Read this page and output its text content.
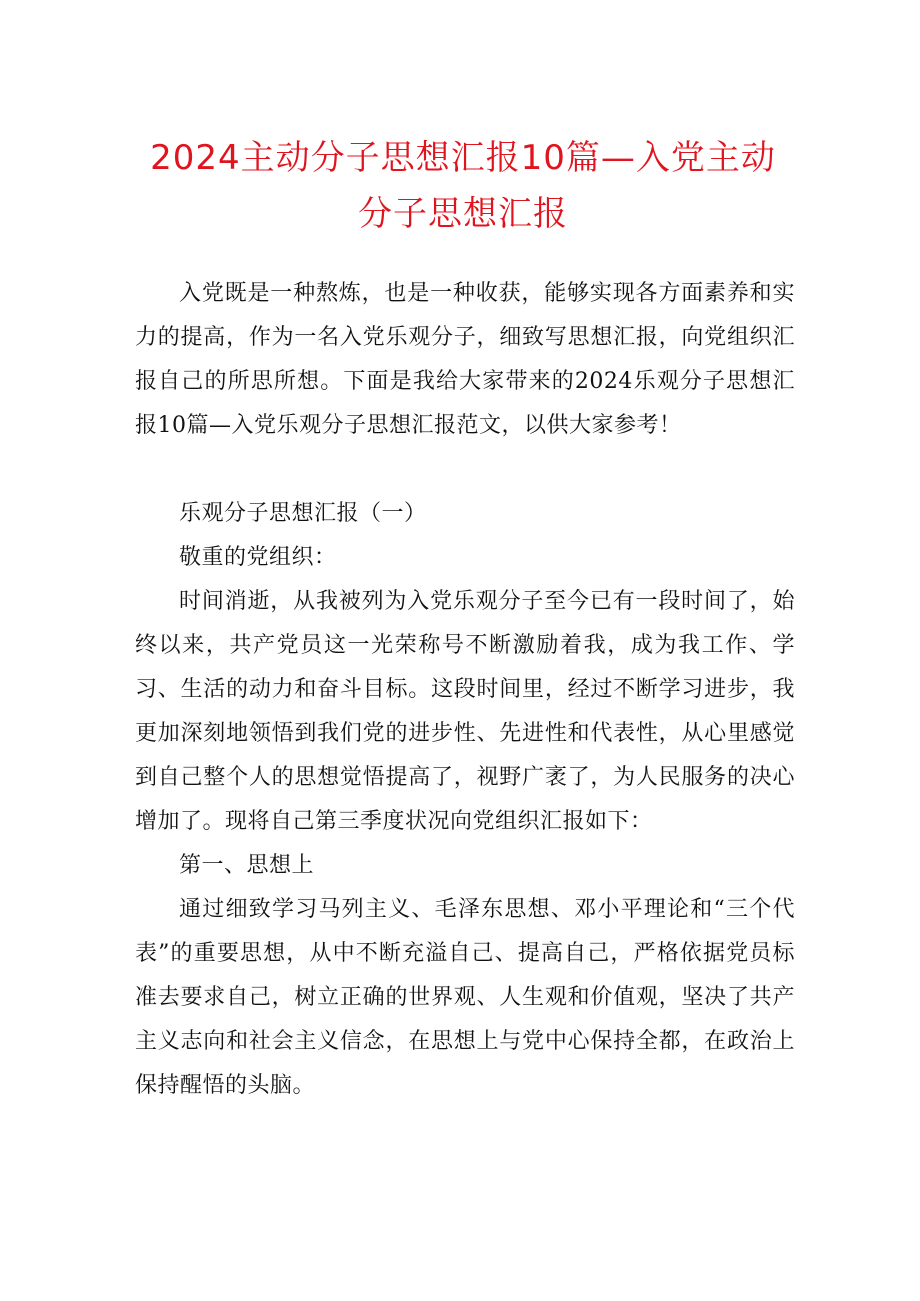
2024主动分子思想汇报10篇—入党主动
分子思想汇报

入党既是一种熬炼，也是一种收获，能够实现各方面素养和实力的提高，作为一名入党乐观分子，细致写思想汇报，向党组织汇报自己的所思所想。下面是我给大家带来的2024乐观分子思想汇报10篇—入党乐观分子思想汇报范文，以供大家参考！

乐观分子思想汇报（一）

敬重的党组织：

时间消逝，从我被列为入党乐观分子至今已有一段时间了，始终以来，共产党员这一光荣称号不断激励着我，成为我工作、学习、生活的动力和奋斗目标。这段时间里，经过不断学习进步，我更加深刻地领悟到我们党的进步性、先进性和代表性，从心里感觉到自己整个人的思想觉悟提高了，视野广袤了，为人民服务的决心增加了。现将自己第三季度状况向党组织汇报如下：

第一、思想上

通过细致学习马列主义、毛泽东思想、邓小平理论和“三个代表”的重要思想，从中不断充溢自己、提高自己，严格依据党员标准去要求自己，树立正确的世界观、人生观和价值观，坚决了共产主义志向和社会主义信念，在思想上与党中心保持全都，在政治上保持醒悟的头脑。
